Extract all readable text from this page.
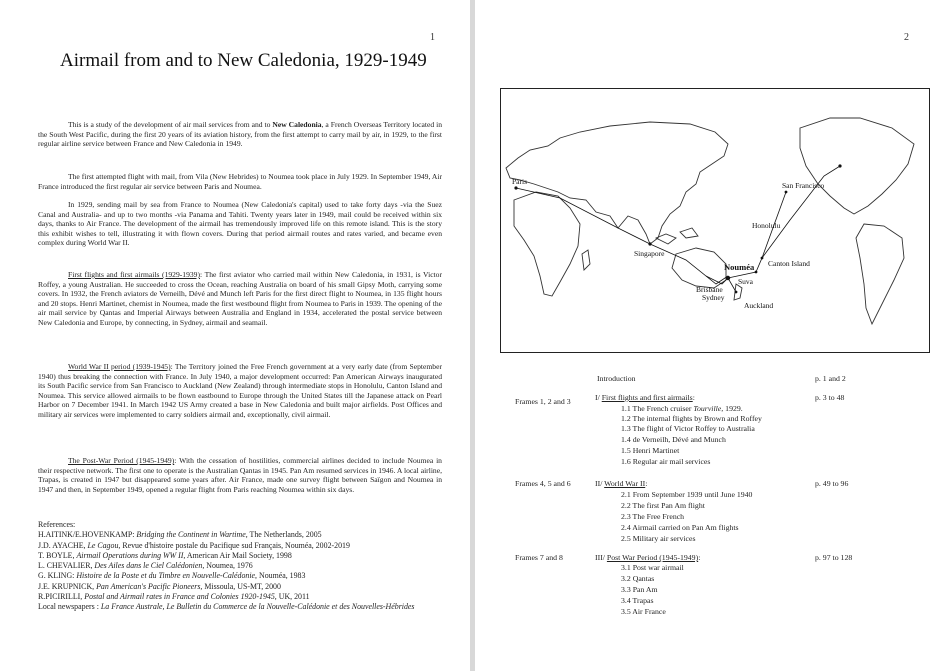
1
Airmail from and to New Caledonia, 1929-1949

This is a study of the development of air mail services from and to New Caledonia, a French Overseas Territory located in the South West Pacific, during the first 20 years of its aviation history, from the first attempt to carry mail by air, in 1929, to the first regular airline service between France and New Caledonia in 1949.

The first attempted flight with mail, from Vila (New Hebrides) to Noumea took place in July 1929. In September 1949, Air France introduced the first regular air service between Paris and Noumea.

In 1929, sending mail by sea from France to Noumea (New Caledonia's capital) used to take forty days -via the Suez Canal and Australia- and up to two months -via Panama and Tahiti. Twenty years later in 1949, mail could be received within six days, thanks to Air France. The development of the airmail has tremendously improved life on this remote island. This is the story this exhibit wishes to tell, illustrating it with flown covers. During that period airmail routes and rates varied, and became even complex during World War II.

First flights and first airmails (1929-1939): The first aviator who carried mail within New Caledonia, in 1931, is Victor Roffey, a young Australian. He succeeded to cross the Ocean, reaching Australia on board of his small Gipsy Moth, carrying some covers. In 1932, the French aviators de Verneilh, Dévé and Munch left Paris for the first direct flight to Noumea, in 135 flight hours and 20 stops. Henri Martinet, chemist in Noumea, made the first westbound flight from Noumea to Paris in 1939. The opening of the air mail service by Qantas and Imperial Airways between Australia and England in 1934, accelerated the postal service between New Caledonia and Europe, by connecting, in Sydney, airmail and seamail.

World War II period (1939-1945): The Territory joined the Free French government at a very early date (from September 1940) thus breaking the connection with France. In July 1940, a major development occurred: Pan American Airways inaugurated its South Pacific service from San Francisco to Auckland (New Zealand) through intermediate stops in Honolulu, Canton Island and Noumea. This service allowed airmails to be flown eastbound to Europe through the United States till the Japanese attack on Pearl Harbor on 7 December 1941. In March 1942 US Army created a base in New Caledonia and built major airfields. Post Offices and military air services were implemented to carry soldiers airmail and, exceptionally, civil airmail.

The Post-War Period (1945-1949): With the cessation of hostilities, commercial airlines decided to include Noumea in their respective network. The first one to operate is the Australian Qantas in 1945. Pan Am resumed services in 1946. A local airline, Trapas, is created in 1947 but disappeared some years after. Air France, made one survey flight between Saïgon and Noumea in 1947 and then, in September 1949, opened a regular flight from Paris reaching Noumea within six days.

References:
H.AITINK/E.HOVENKAMP: Bridging the Continent in Wartime, The Netherlands, 2005
J.D. AYACHE, Le Cagou, Revue d'histoire postale du Pacifique sud Français, Nouméa, 2002-2019
T. BOYLE, Airmail Operations during WW II, American Air Mail Society, 1998
L. CHEVALIER, Des Ailes dans le Ciel Calédonien, Noumea, 1976
G. KLING: Histoire de la Poste et du Timbre en Nouvelle-Calédonie, Nouméa, 1983
J.E. KRUPNICK, Pan American's Pacific Pioneers, Missoula, US-MT, 2000
R.PICIRILLI, Postal and Airmail rates in France and Colonies 1920-1945, UK, 2011
Local newspapers : La France Australe, Le Bulletin du Commerce de la Nouvelle-Calédonie et des Nouvelles-Hébrides
2
Paris	San Francisco
Honolulu
Singapore
Nouméa Canton Island
Brisbane
Sydney
Suva
Auckland
Introduction	p. 1 and 2
Frames 1, 2 and 3	I/ First flights and first airmails:	p. 3 to 48
1.1 The French cruiser Tourville, 1929.
1.2 The internal flights by Brown and Roffey
1.3 The flight of Victor Roffey to Australia
1.4 de Verneilh, Dévé and Munch
1.5 Henri Martinet
1.6 Regular air mail services
Frames 4, 5 and 6	II/ World War II:	p. 49 to 96
2.1 From September 1939 until June 1940
2.2 The first Pan Am flight
2.3 The Free French
2.4 Airmail carried on Pan Am flights
2.5 Military air services
Frames 7 and 8	III/ Post War Period (1945-1949):	p. 97 to 128
3.1 Post war airmail
3.2 Qantas
3.3 Pan Am
3.4 Trapas
3.5 Air France
